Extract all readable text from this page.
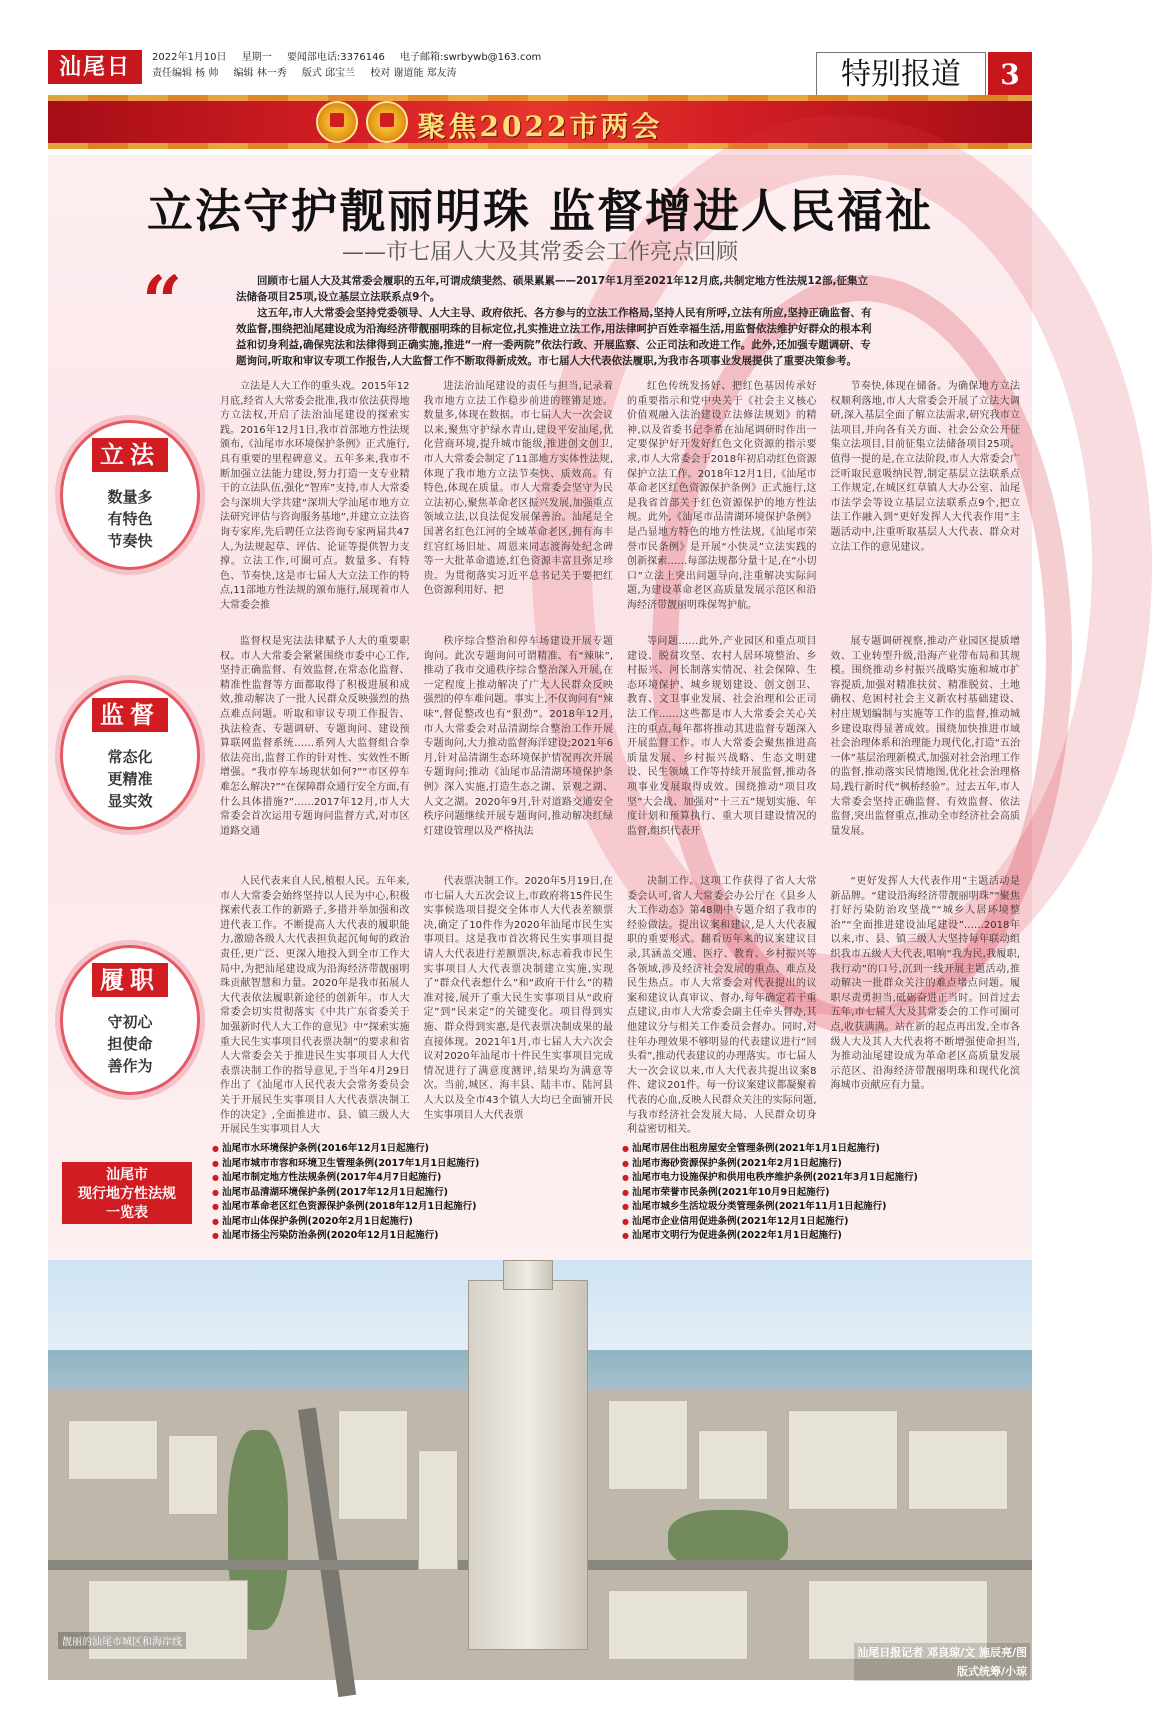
汕尾日	2022年1月10日 星期一 要闻部电话:3376146 电子邮箱:swrbywb@163.com
责任编辑 杨 帅 编辑 林一秀 版式 邱宝兰 校对 谢道能 郑友涛	特别报道	3
聚焦2022市两会
立法守护靓丽明珠 监督增进人民福祉
——市七届人大及其常委会工作亮点回顾
“	回顾市七届人大及其常委会履职的五年,可谓成绩斐然、硕果累累——2017年1月至2021年12月底,共制定地方性法规12部,征集立法储备项目25项,设立基层立法联系点9个。

这五年,市人大常委会坚持党委领导、人大主导、政府依托、各方参与的立法工作格局,坚持人民有所呼,立法有所应,坚持正确监督、有效监督,围绕把汕尾建设成为沿海经济带靓丽明珠的目标定位,扎实推进立法工作,用法律呵护百姓幸福生活,用监督依法维护好群众的根本利益和切身利益,确保宪法和法律得到正确实施,推进“一府一委两院”依法行政、开展监察、公正司法和改进工作。此外,还加强专题调研、专题询问,听取和审议专项工作报告,人大监督工作不断取得新成效。市七届人大代表依法履职,为我市各项事业发展提供了重要决策参考。

立法
数量多
有特色
节奏快

立法是人大工作的重头戏。2015年12月底,经省人大常委会批准,我市依法获得地方立法权,开启了法治汕尾建设的探索实践。2016年12月1日,我市首部地方性法规颁布,《汕尾市水环境保护条例》正式施行,具有重要的里程碑意义。五年多来,我市不断加强立法能力建设,努力打造一支专业精干的立法队伍,强化“智库”支持,市人大常委会与深圳大学共建“深圳大学汕尾市地方立法研究评估与咨询服务基地”,并建立立法咨询专家库,先后聘任立法咨询专家两届共47人,为法规起草、评估、论证等提供智力支撑。立法工作,可圈可点。数量多、有特色、节奏快,这是市七届人大立法工作的特点,11部地方性法规的颁布施行,展现着市人大常委会推

进法治汕尾建设的责任与担当,记录着我市地方立法工作稳步前进的铿锵足迹。数量多,体现在数据。市七届人大一次会议以来,聚焦守护绿水青山,建设平安汕尾,优化营商环境,提升城市能级,推进创文创卫,市人大常委会制定了11部地方实体性法规,体现了我市地方立法节奏快、质效高。有特色,体现在质量。市人大常委会坚守为民立法初心,聚焦革命老区振兴发展,加强重点领域立法,以良法促发展保善治。汕尾是全国著名红色江河的全域革命老区,拥有海丰红宫红场旧址、周恩来同志渡海处纪念碑等一大批革命遗迹,红色资源丰富且弥足珍贵。为贯彻落实习近平总书记关于要把红色资源利用好、把

红色传统发扬好、把红色基因传承好的重要指示和党中央关于《社会主义核心价值观融入法治建设立法修法规划》的精神,以及省委书记李希在汕尾调研时作出一定要保护好开发好红色文化资源的指示要求,市人大常委会于2018年初启动红色资源保护立法工作。2018年12月1日,《汕尾市革命老区红色资源保护条例》正式施行,这是我省首部关于红色资源保护的地方性法规。此外,《汕尾市品清湖环境保护条例》是凸显地方特色的地方性法规,《汕尾市荣誉市民条例》是开展“小快灵”立法实践的创新探索……每部法规都分量十足,在“小切口”立法上突出问题导向,注重解决实际问题,为建设革命老区高质量发展示范区和沿海经济带靓丽明珠保驾护航。

节奏快,体现在储备。为确保地方立法权顺利落地,市人大常委会开展了立法大调研,深入基层全面了解立法需求,研究我市立法项目,并向各有关方面、社会公众公开征集立法项目,目前征集立法储备项目25项。值得一提的是,在立法阶段,市人大常委会广泛听取民意吸纳民智,制定基层立法联系点工作规定,在城区红草镇人大办公室、汕尾市法学会等设立基层立法联系点9个,把立法工作融入到“更好发挥人大代表作用”主题活动中,注重听取基层人大代表、群众对立法工作的意见建议。

监督
常态化
更精准
显实效

监督权是宪法法律赋予人大的重要职权。市人大常委会紧紧围绕市委中心工作,坚持正确监督、有效监督,在常态化监督、精准性监督等方面都取得了积极进展和成效,推动解决了一批人民群众反映强烈的热点难点问题。听取和审议专项工作报告、执法检查、专题调研、专题询问、建设预算联网监督系统……系列人大监督组合拳依法亮出,监督工作的针对性、实效性不断增强。“我市停车场现状如何?”“市区停车难怎么解决?”“在保障群众通行安全方面,有什么具体措施?”……2017年12月,市人大常委会首次运用专题询问监督方式,对市区道路交通

秩序综合整治和停车场建设开展专题询问。此次专题询问可谓精准、有“辣味”,推动了我市交通秩序综合整治深入开展,在一定程度上推动解决了广大人民群众反映强烈的停车难问题。事实上,不仅询问有“辣味”,督促整改也有“狠劲”。2018年12月,市人大常委会对品清湖综合整治工作开展专题询问,大力推动监督海洋建设;2021年6月,针对品清湖生态环境保护情况再次开展专题询问;推动《汕尾市品清湖环境保护条例》深入实施,打造生态之湖、景观之湖、人文之湖。2020年9月,针对道路交通安全秩序问题继续开展专题询问,推动解决红绿灯建设管理以及严格执法

等问题……此外,产业园区和重点项目建设、脱贫攻坚、农村人居环境整治、乡村振兴、河长制落实情况、社会保障、生态环境保护、城乡规划建设、创文创卫、教育、文卫事业发展、社会治理和公正司法工作……这些都是市人大常委会关心关注的重点,每年都将推动其进监督专题深入开展监督工作。市人大常委会聚焦推进高质量发展、乡村振兴战略、生态文明建设、民生领域工作等持续开展监督,推动各项事业发展取得成效。围绕推动“项目攻坚”大会战、加强对“十三五”规划实施、年度计划和预算执行、重大项目建设情况的监督,组织代表开

展专题调研视察,推动产业园区提质增效、工业转型升级,沿海产业带布局和其规模。围绕推动乡村振兴战略实施和城市扩容提质,加强对精准扶贫、精准脱贫、土地确权、危困村社会主义新农村基础建设、村庄规划编制与实施等工作的监督,推动城乡建设取得显著成效。围绕加快推进市域社会治理体系和治理能力现代化,打造“五治一体”基层治理新模式,加强对社会治理工作的监督,推动落实民情地图,优化社会治理格局,践行新时代“枫桥经验”。过去五年,市人大常委会坚持正确监督、有效监督、依法监督,突出监督重点,推动全市经济社会高质量发展。

履职
守初心
担使命
善作为

人民代表来自人民,植根人民。五年来,市人大常委会始终坚持以人民为中心,积极探索代表工作的新路子,多措并举加强和改进代表工作。不断提高人大代表的履职能力,激励各级人大代表担负起沉甸甸的政治责任,更广泛、更深入地投入到全市工作大局中,为把汕尾建设成为沿海经济带靓丽明珠贡献智慧和力量。2020年是我市拓展人大代表依法履职新途径的创新年。市人大常委会切实贯彻落实《中共广东省委关于加强新时代人大工作的意见》中“探索实施重大民生实事项目代表票决制”的要求和省人大常委会关于推进民生实事项目人大代表票决制工作的指导意见,于当年4月29日作出了《汕尾市人民代表大会常务委员会关于开展民生实事项目人大代表票决制工作的决定》,全面推进市、县、镇三级人大开展民生实事项目人大

代表票决制工作。2020年5月19日,在市七届人大五次会议上,市政府将15件民生实事候选项目提交全体市人大代表差额票决,确定了10件作为2020年汕尾市民生实事项目。这是我市首次将民生实事项目提请人大代表进行差额票决,标志着我市民生实事项目人大代表票决制建立实施,实现了“群众代表想什么”和“政府干什么”的精准对接,展开了重大民生实事项目从“政府定”到“民来定”的关键变化。项目得到实施、群众得到实惠,是代表票决制成果的最直接体现。2021年1月,市七届人大六次会议对2020年汕尾市十件民生实事项目完成情况进行了满意度测评,结果均为满意等次。当前,城区、海丰县、陆丰市、陆河县人大以及全市43个镇人大均已全面铺开民生实事项目人大代表票

决制工作。这项工作获得了省人大常委会认可,省人大常委会办公厅在《县乡人大工作动态》第48期中专题介绍了我市的经验做法。提出议案和建议,是人大代表履职的重要形式。翻看历年来的议案建议目录,其涵盖交通、医疗、教育、乡村振兴等各领域,涉及经济社会发展的重点、难点及民生热点。市人大常委会对代表提出的议案和建议认真审议、督办,每年确定若干重点建议,由市人大常委会副主任牵头督办,其他建议分与相关工作委员会督办。同时,对往年办理效果不够明显的代表建议进行“回头看”,推动代表建议的办理落实。市七届人大一次会议以来,市人大代表共提出议案8件、建议201件。每一份议案建议都凝聚着代表的心血,反映人民群众关注的实际问题,与我市经济社会发展大局、人民群众切身利益密切相关。

“更好发挥人大代表作用”主题活动是新品牌。“建设沿海经济带靓丽明珠”“聚焦打好污染防治攻坚战”“城乡人居环境整治”“全面推进建设汕尾建设”……2018年以来,市、县、镇三级人大坚持每年联动组织我市五级人大代表,唱响“我为民,我履职,我行动”的口号,沉到一线开展主题活动,推动解决一批群众关注的难点堵点问题。履职尽责勇担当,砥砺奋进正当时。回首过去五年,市七届人大及其常委会的工作可圈可点,收获满满。站在新的起点再出发,全市各级人大及其人大代表将不断增强使命担当,为推动汕尾建设成为革命老区高质量发展示范区、沿海经济带靓丽明珠和现代化滨海城市贡献应有力量。

汕尾市
现行地方性法规
一览表
● 汕尾市水环境保护条例(2016年12月1日起施行)
● 汕尾市城市市容和环境卫生管理条例(2017年1月1日起施行)
● 汕尾市制定地方性法规条例(2017年4月7日起施行)
● 汕尾市品清湖环境保护条例(2017年12月1日起施行)
● 汕尾市革命老区红色资源保护条例(2018年12月1日起施行)
● 汕尾市山体保护条例(2020年2月1日起施行)
● 汕尾市扬尘污染防治条例(2020年12月1日起施行)
● 汕尾市居住出租房屋安全管理条例(2021年1月1日起施行)
● 汕尾市海砂资源保护条例(2021年2月1日起施行)
● 汕尾市电力设施保护和供用电秩序维护条例(2021年3月1日起施行)
● 汕尾市荣誉市民条例(2021年10月9日起施行)
● 汕尾市城乡生活垃圾分类管理条例(2021年11月1日起施行)
● 汕尾市企业信用促进条例(2021年12月1日起施行)
● 汕尾市文明行为促进条例(2022年1月1日起施行)
靓丽的汕尾市城区和海岸线
汕尾日报记者 邓良琼/文 施辰亮/图
版式统筹/小琼
